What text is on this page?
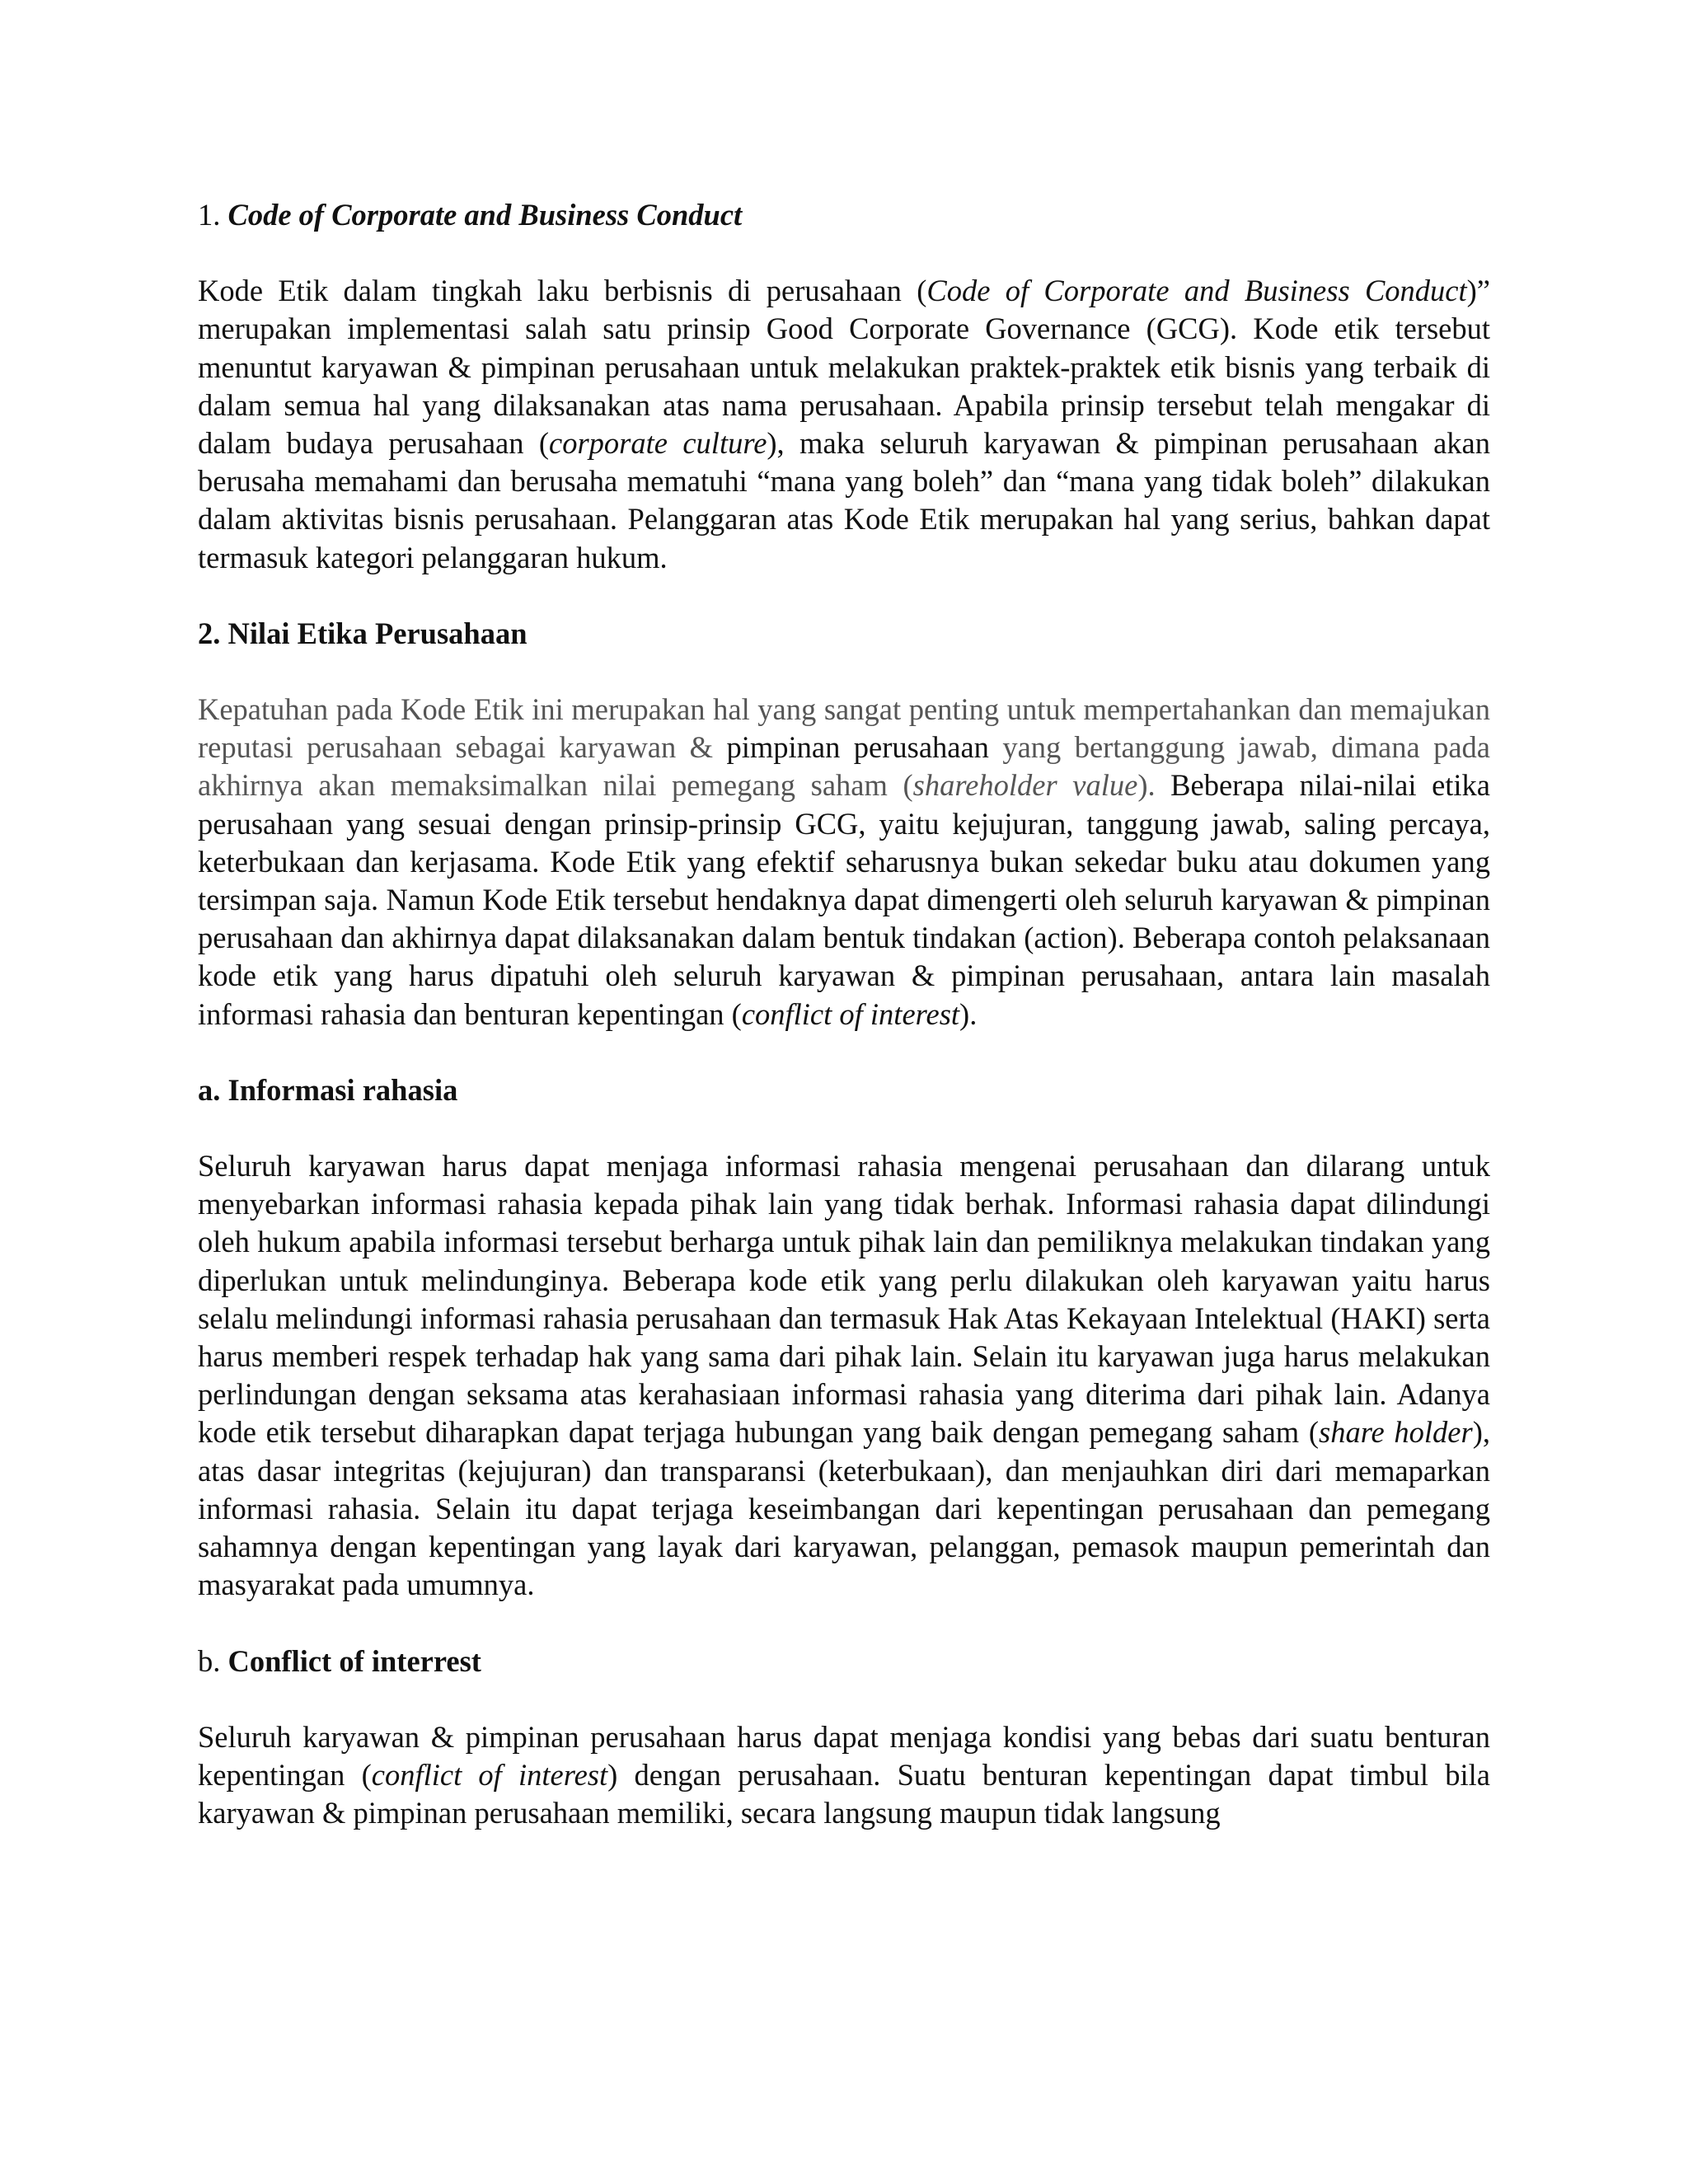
1. Code of Corporate and Business Conduct

Kode Etik dalam tingkah laku berbisnis di perusahaan (Code of Corporate and Business Conduct)” merupakan implementasi salah satu prinsip Good Corporate Governance (GCG). Kode etik tersebut menuntut karyawan & pimpinan perusahaan untuk melakukan praktek-praktek etik bisnis yang terbaik di dalam semua hal yang dilaksanakan atas nama perusahaan. Apabila prinsip tersebut telah mengakar di dalam budaya perusahaan (corporate culture), maka seluruh karyawan & pimpinan perusahaan akan berusaha memahami dan berusaha mematuhi “mana yang boleh” dan “mana yang tidak boleh” dilakukan dalam aktivitas bisnis perusahaan. Pelanggaran atas Kode Etik merupakan hal yang serius, bahkan dapat termasuk kategori pelanggaran hukum.

2. Nilai Etika Perusahaan

Kepatuhan pada Kode Etik ini merupakan hal yang sangat penting untuk mempertahankan dan memajukan reputasi perusahaan sebagai karyawan & pimpinan perusahaan yang bertanggung jawab, dimana pada akhirnya akan memaksimalkan nilai pemegang saham (shareholder value). Beberapa nilai-nilai etika perusahaan yang sesuai dengan prinsip-prinsip GCG, yaitu kejujuran, tanggung jawab, saling percaya, keterbukaan dan kerjasama. Kode Etik yang efektif seharusnya bukan sekedar buku atau dokumen yang tersimpan saja. Namun Kode Etik tersebut hendaknya dapat dimengerti oleh seluruh karyawan & pimpinan perusahaan dan akhirnya dapat dilaksanakan dalam bentuk tindakan (action). Beberapa contoh pelaksanaan kode etik yang harus dipatuhi oleh seluruh karyawan & pimpinan perusahaan, antara lain masalah informasi rahasia dan benturan kepentingan (conflict of interest).

a. Informasi rahasia

Seluruh karyawan harus dapat menjaga informasi rahasia mengenai perusahaan dan dilarang untuk menyebarkan informasi rahasia kepada pihak lain yang tidak berhak. Informasi rahasia dapat dilindungi oleh hukum apabila informasi tersebut berharga untuk pihak lain dan pemiliknya melakukan tindakan yang diperlukan untuk melindunginya. Beberapa kode etik yang perlu dilakukan oleh karyawan yaitu harus selalu melindungi informasi rahasia perusahaan dan termasuk Hak Atas Kekayaan Intelektual (HAKI) serta harus memberi respek terhadap hak yang sama dari pihak lain. Selain itu karyawan juga harus melakukan perlindungan dengan seksama atas kerahasiaan informasi rahasia yang diterima dari pihak lain. Adanya kode etik tersebut diharapkan dapat terjaga hubungan yang baik dengan pemegang saham (share holder), atas dasar integritas (kejujuran) dan transparansi (keterbukaan), dan menjauhkan diri dari memaparkan informasi rahasia. Selain itu dapat terjaga keseimbangan dari kepentingan perusahaan dan pemegang sahamnya dengan kepentingan yang layak dari karyawan, pelanggan, pemasok maupun pemerintah dan masyarakat pada umumnya.

b. Conflict of interrest

Seluruh karyawan & pimpinan perusahaan harus dapat menjaga kondisi yang bebas dari suatu benturan kepentingan (conflict of interest) dengan perusahaan. Suatu benturan kepentingan dapat timbul bila karyawan & pimpinan perusahaan memiliki, secara langsung maupun tidak langsung
